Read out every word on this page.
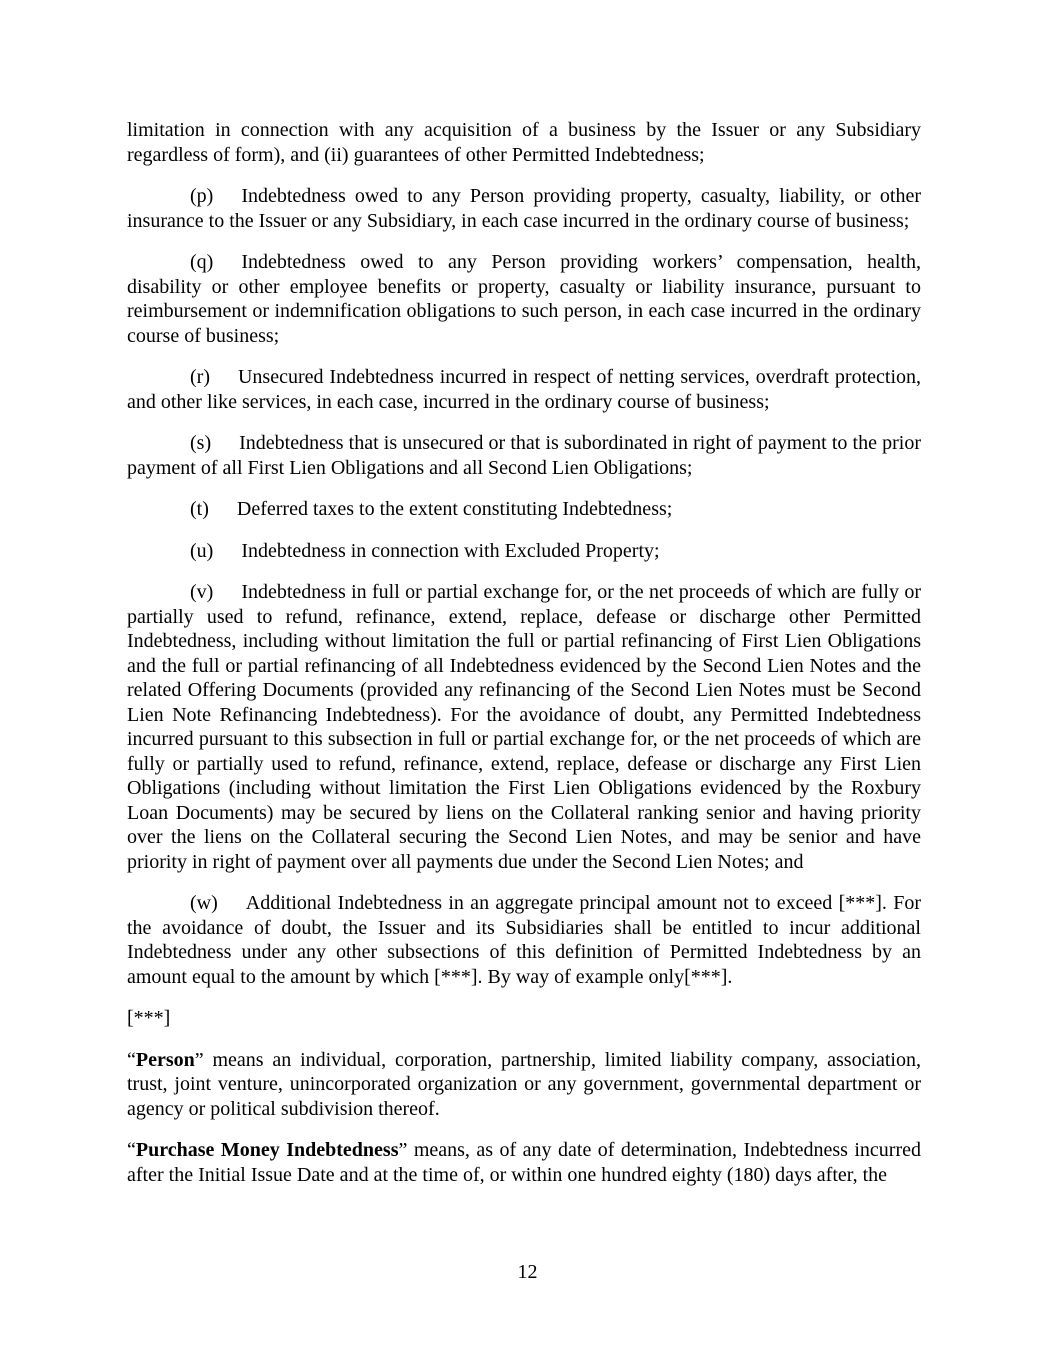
limitation in connection with any acquisition of a business by the Issuer or any Subsidiary regardless of form), and (ii) guarantees of other Permitted Indebtedness;

(p) Indebtedness owed to any Person providing property, casualty, liability, or other insurance to the Issuer or any Subsidiary, in each case incurred in the ordinary course of business;

(q) Indebtedness owed to any Person providing workers’ compensation, health, disability or other employee benefits or property, casualty or liability insurance, pursuant to reimbursement or indemnification obligations to such person, in each case incurred in the ordinary course of business;

(r) Unsecured Indebtedness incurred in respect of netting services, overdraft protection, and other like services, in each case, incurred in the ordinary course of business;

(s) Indebtedness that is unsecured or that is subordinated in right of payment to the prior payment of all First Lien Obligations and all Second Lien Obligations;

(t) Deferred taxes to the extent constituting Indebtedness;

(u) Indebtedness in connection with Excluded Property;

(v) Indebtedness in full or partial exchange for, or the net proceeds of which are fully or partially used to refund, refinance, extend, replace, defease or discharge other Permitted Indebtedness, including without limitation the full or partial refinancing of First Lien Obligations and the full or partial refinancing of all Indebtedness evidenced by the Second Lien Notes and the related Offering Documents (provided any refinancing of the Second Lien Notes must be Second Lien Note Refinancing Indebtedness). For the avoidance of doubt, any Permitted Indebtedness incurred pursuant to this subsection in full or partial exchange for, or the net proceeds of which are fully or partially used to refund, refinance, extend, replace, defease or discharge any First Lien Obligations (including without limitation the First Lien Obligations evidenced by the Roxbury Loan Documents) may be secured by liens on the Collateral ranking senior and having priority over the liens on the Collateral securing the Second Lien Notes, and may be senior and have priority in right of payment over all payments due under the Second Lien Notes; and

(w) Additional Indebtedness in an aggregate principal amount not to exceed [***]. For the avoidance of doubt, the Issuer and its Subsidiaries shall be entitled to incur additional Indebtedness under any other subsections of this definition of Permitted Indebtedness by an amount equal to the amount by which [***]. By way of example only[***].

[***]

“Person” means an individual, corporation, partnership, limited liability company, association, trust, joint venture, unincorporated organization or any government, governmental department or agency or political subdivision thereof.

“Purchase Money Indebtedness” means, as of any date of determination, Indebtedness incurred after the Initial Issue Date and at the time of, or within one hundred eighty (180) days after, the

12
